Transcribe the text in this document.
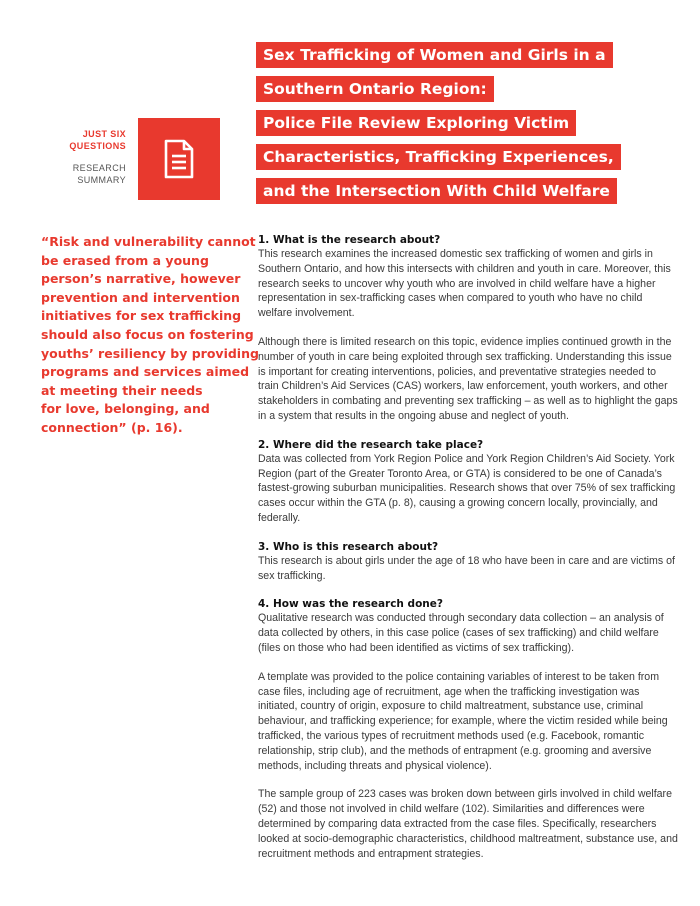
Sex Trafficking of Women and Girls in a
Southern Ontario Region:
Police File Review Exploring Victim
Characteristics, Trafficking Experiences,
and the Intersection With Child Welfare
JUST SIX
QUESTIONS
RESEARCH
SUMMARY
“Risk and vulnerability cannot
be erased from a young
person’s narrative, however
prevention and intervention
initiatives for sex trafficking
should also focus on fostering
youths’ resiliency by providing
programs and services aimed
at meeting their needs
for love, belonging, and
connection” (p. 16).
1. What is the research about?

This research examines the increased domestic sex trafficking of women and girls in Southern Ontario, and how this intersects with children and youth in care. Moreover, this research seeks to uncover why youth who are involved in child welfare have a higher representation in sex-trafficking cases when compared to youth who have no child welfare involvement.

Although there is limited research on this topic, evidence implies continued growth in the number of youth in care being exploited through sex trafficking. Understanding this issue is important for creating interventions, policies, and preventative strategies needed to train Children’s Aid Services (CAS) workers, law enforcement, youth workers, and other stakeholders in combating and preventing sex trafficking – as well as to highlight the gaps in a system that results in the ongoing abuse and neglect of youth.

2. Where did the research take place?

Data was collected from York Region Police and York Region Children’s Aid Society. York Region (part of the Greater Toronto Area, or GTA) is considered to be one of Canada’s fastest-growing suburban municipalities. Research shows that over 75% of sex trafficking cases occur within the GTA (p. 8), causing a growing concern locally, provincially, and federally.

3. Who is this research about?

This research is about girls under the age of 18 who have been in care and are victims of sex trafficking.

4. How was the research done?

Qualitative research was conducted through secondary data collection – an analysis of data collected by others, in this case police (cases of sex trafficking) and child welfare (files on those who had been identified as victims of sex trafficking).

A template was provided to the police containing variables of interest to be taken from case files, including age of recruitment, age when the trafficking investigation was initiated, country of origin, exposure to child maltreatment, substance use, criminal behaviour, and trafficking experience; for example, where the victim resided while being trafficked, the various types of recruitment methods used (e.g. Facebook, romantic relationship, strip club), and the methods of entrapment (e.g. grooming and aversive methods, including threats and physical violence).

The sample group of 223 cases was broken down between girls involved in child welfare (52) and those not involved in child welfare (102). Similarities and differences were determined by comparing data extracted from the case files. Specifically, researchers looked at socio-demographic characteristics, childhood maltreatment, substance use, and recruitment methods and entrapment strategies.
